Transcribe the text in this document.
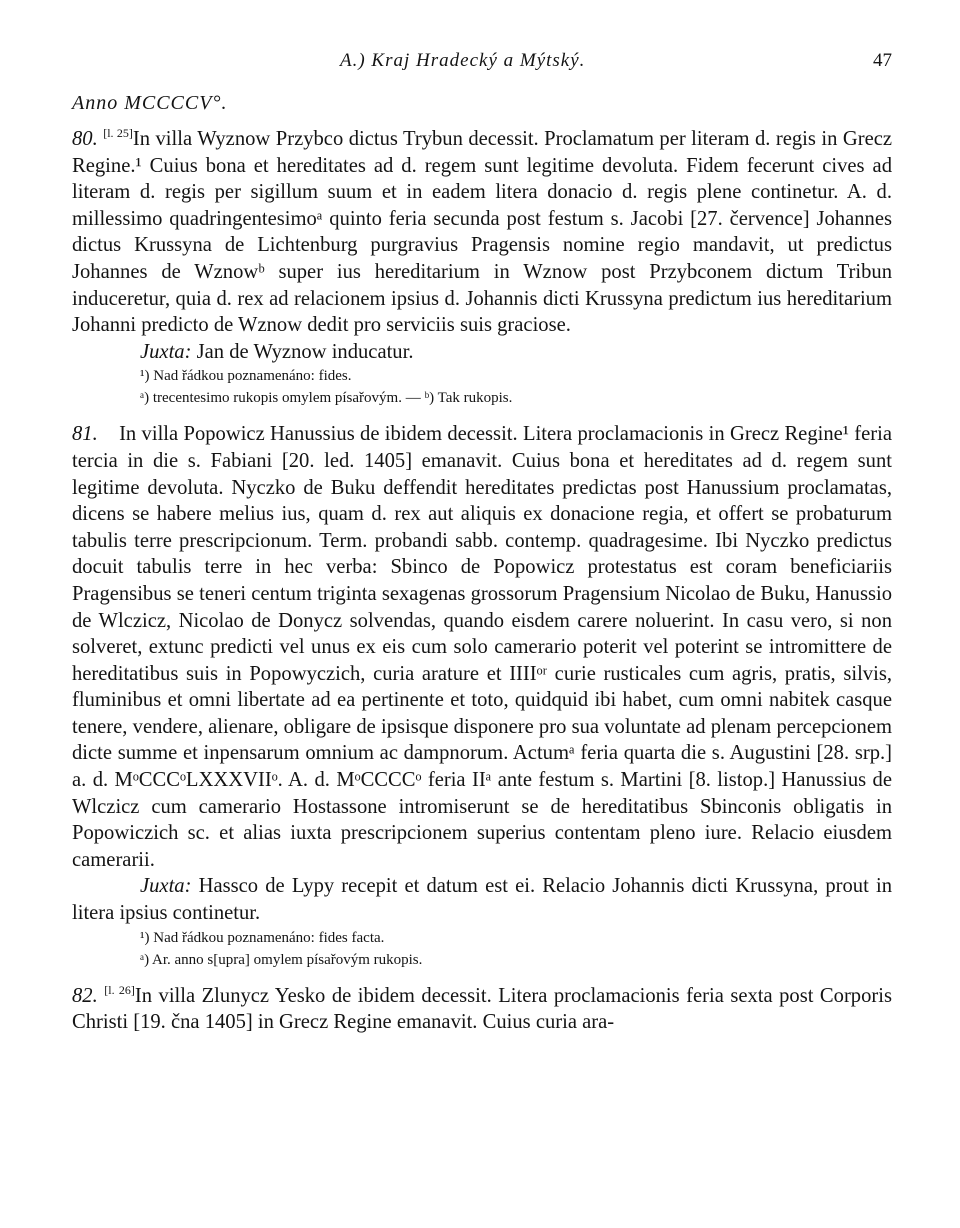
A.) Kraj Hradecký a Mýtský.	47
Anno MCCCCV°.

80. [l. 25]In villa Wyznow Przybco dictus Trybun decessit. Proclamatum per literam d. regis in Grecz Regine.¹ Cuius bona et hereditates ad d. regem sunt legitime devoluta. Fidem fecerunt cives ad literam d. regis per sigillum suum et in eadem litera donacio d. regis plene continetur. A. d. millessimo quadringentesimoᵃ quinto feria secunda post festum s. Jacobi [27. července] Johannes dictus Krussyna de Lichtenburg purgravius Pragensis nomine regio mandavit, ut predictus Johannes de Wznowᵇ super ius hereditarium in Wznow post Przybconem dictum Tribun induceretur, quia d. rex ad relacionem ipsius d. Johannis dicti Krussyna predictum ius hereditarium Johanni predicto de Wznow dedit pro serviciis suis graciose.

Juxta: Jan de Wyznow inducatur.

¹) Nad řádkou poznamenáno: fides.

ᵃ) trecentesimo rukopis omylem písařovým. — ᵇ) Tak rukopis.

81. In villa Popowicz Hanussius de ibidem decessit. Litera proclamacionis in Grecz Regine¹ feria tercia in die s. Fabiani [20. led. 1405] emanavit. Cuius bona et hereditates ad d. regem sunt legitime devoluta. Nyczko de Buku deffendit hereditates predictas post Hanussium proclamatas, dicens se habere melius ius, quam d. rex aut aliquis ex donacione regia, et offert se probaturum tabulis terre prescripcionum. Term. probandi sabb. contemp. quadragesime. Ibi Nyczko predictus docuit tabulis terre in hec verba: Sbinco de Popowicz protestatus est coram beneficiariis Pragensibus se teneri centum triginta sexagenas grossorum Pragensium Nicolao de Buku, Hanussio de Wlczicz, Nicolao de Donycz solvendas, quando eisdem carere noluerint. In casu vero, si non solveret, extunc predicti vel unus ex eis cum solo camerario poterit vel poterint se intromittere de hereditatibus suis in Popowyczich, curia arature et IIIIᵒʳ curie rusticales cum agris, pratis, silvis, fluminibus et omni libertate ad ea pertinente et toto, quidquid ibi habet, cum omni nabitek casque tenere, vendere, alienare, obligare de ipsisque disponere pro sua voluntate ad plenam percepcionem dicte summe et inpensarum omnium ac dampnorum. Actumᵃ feria quarta die s. Augustini [28. srp.] a. d. MᵒCCCᵒLXXXVIIᵒ. A. d. MᵒCCCCᵒ feria IIᵃ ante festum s. Martini [8. listop.] Hanussius de Wlczicz cum camerario Hostassone intromiserunt se de hereditatibus Sbinconis obligatis in Popowiczich sc. et alias iuxta prescripcionem superius contentam pleno iure. Relacio eiusdem camerarii.

Juxta: Hassco de Lypy recepit et datum est ei. Relacio Johannis dicti Krussyna, prout in litera ipsius continetur.

¹) Nad řádkou poznamenáno: fides facta.

ᵃ) Ar. anno s[upra] omylem písařovým rukopis.

82. [l. 26]In villa Zlunycz Yesko de ibidem decessit. Litera proclamacionis feria sexta post Corporis Christi [19. čna 1405] in Grecz Regine emanavit. Cuius curia ara-
